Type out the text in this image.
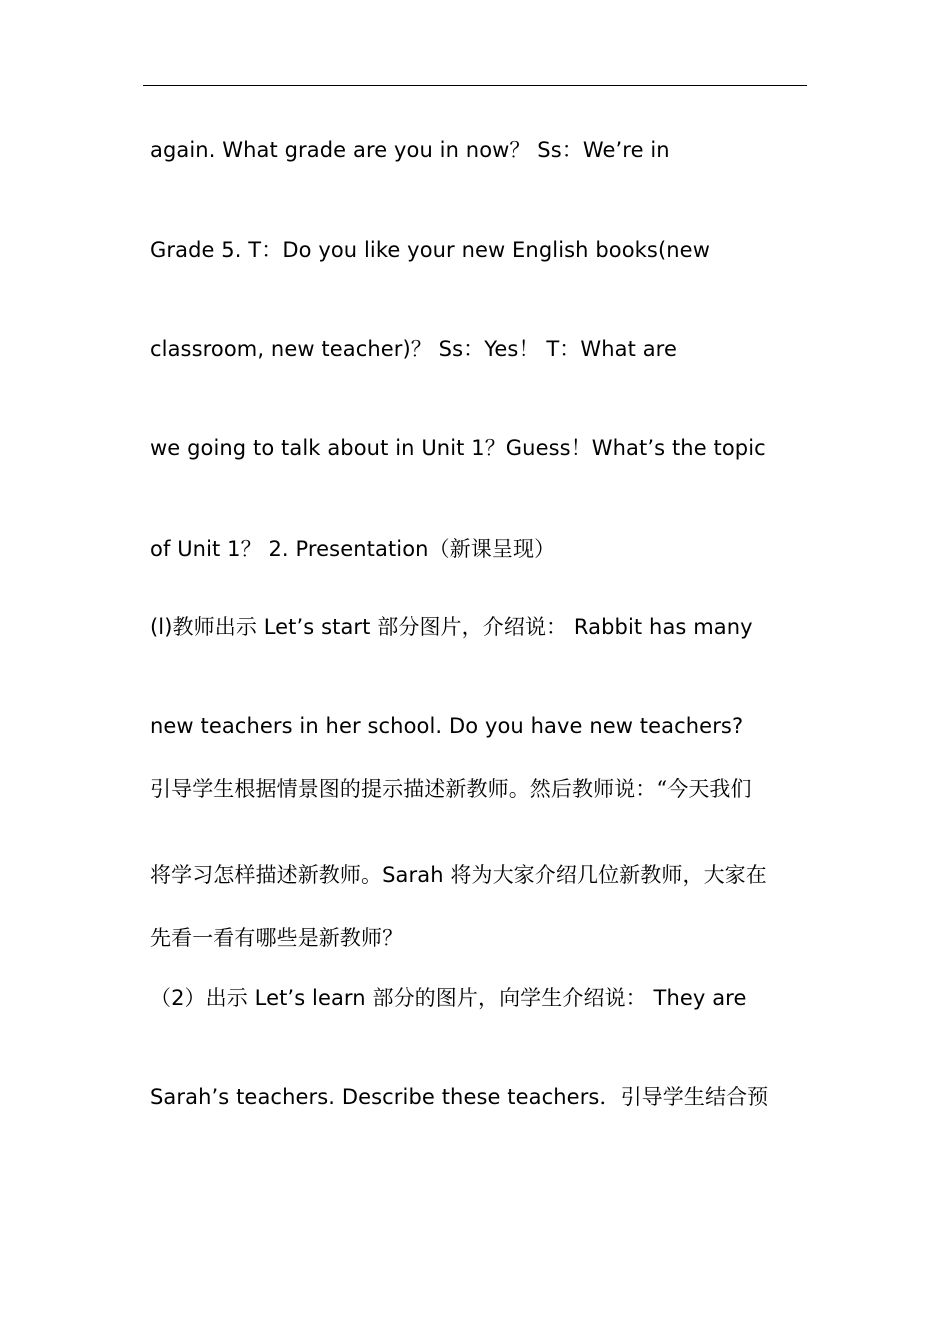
again. What grade are you in now？ Ss：We’re in
Grade 5. T：Do you like your new English books(new
classroom, new teacher)？ Ss：Yes！ T：What are
we going to talk about in Unit 1？Guess！What’s the topic
of Unit 1？ 2. Presentation（新课呈现）
(l)教师出示 Let’s start 部分图片，介绍说： Rabbit has many
new teachers in her school. Do you have new teachers?
引导学生根据情景图的提示描述新教师。然后教师说：“今天我们
将学习怎样描述新教师。Sarah 将为大家介绍几位新教师，大家在
先看一看有哪些是新教师？
（2）出示 Let’s learn 部分的图片，向学生介绍说： They are
Sarah’s teachers. Describe these teachers．引导学生结合预
